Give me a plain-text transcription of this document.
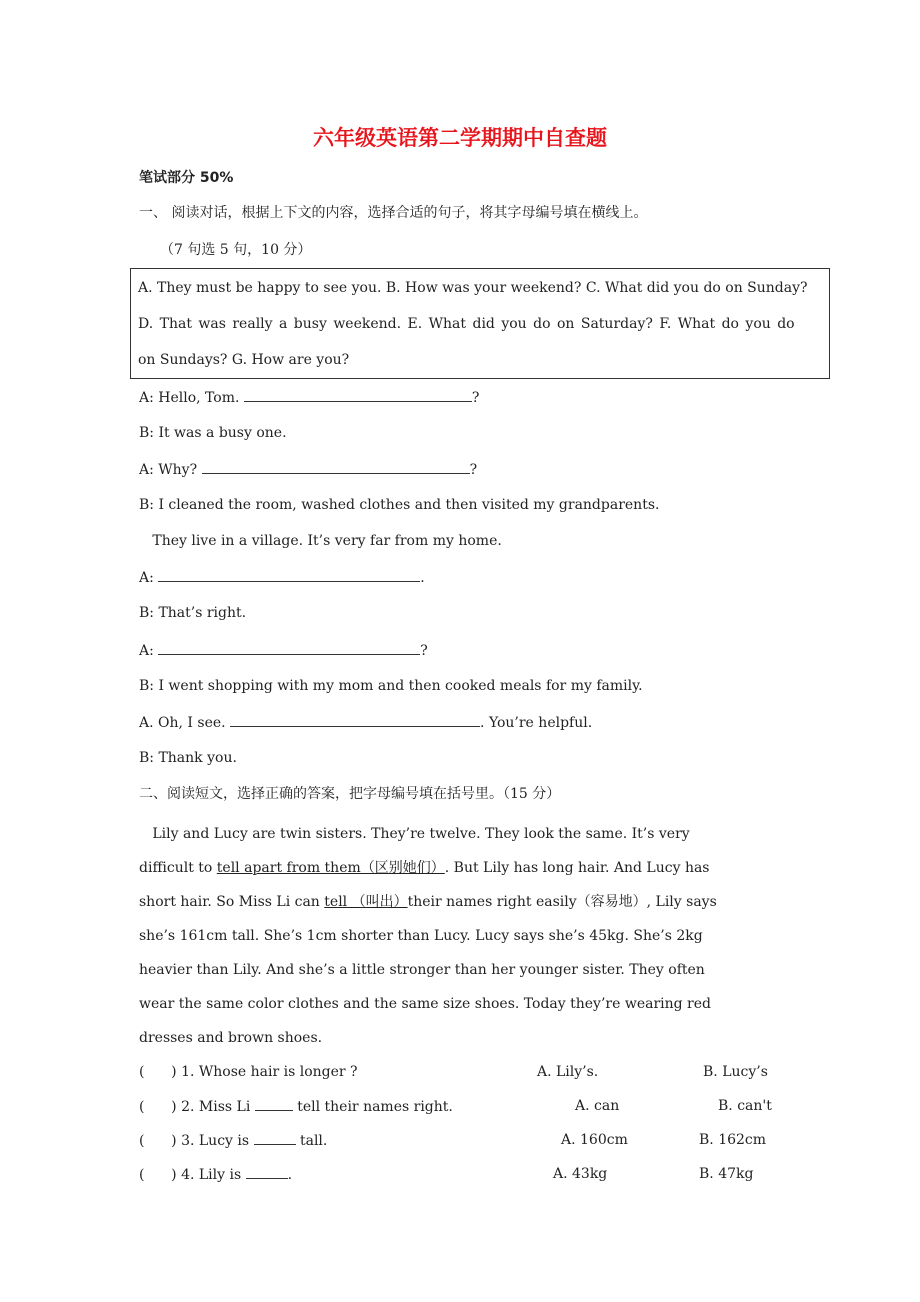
六年级英语第二学期期中自查题
笔试部分 50%
一、 阅读对话，根据上下文的内容，选择合适的句子，将其字母编号填在横线上。
（7 句选 5 句，10 分）
A. They must be happy to see you. B. How was your weekend? C. What did you do on Sunday?
D. That was really a busy weekend. E. What did you do on Saturday? F. What do you do
on Sundays? G. How are you?
A: Hello, Tom.	?
B: It was a busy one.
A: Why?	?
B: I cleaned the room, washed clothes and then visited my grandparents.
They live in a village. It’s very far from my home.
A:	.
B: That’s right.
A:	?
B: I went shopping with my mom and then cooked meals for my family.
A. Oh, I see.	. You’re helpful.
B: Thank you.
二、阅读短文，选择正确的答案，把字母编号填在括号里。（15 分）
Lily and Lucy are twin sisters. They’re twelve. They look the same. It’s very
difficult to tell apart from them（区别她们）. But Lily has long hair. And Lucy has
short hair. So Miss Li can tell （叫出）their names right easily（容易地）, Lily says
she’s 161cm tall. She’s 1cm shorter than Lucy. Lucy says she’s 45kg. She’s 2kg
heavier than Lily. And she’s a little stronger than her younger sister. They often
wear the same color clothes and the same size shoes. Today they’re wearing red
dresses and brown shoes.
(      ) 1. Whose hair is longer ?	A. Lily’s.	B. Lucy’s
(      ) 2. Miss Li	tell their names right.	A. can	B. can't
(      ) 3. Lucy is	tall.	A. 160cm	B. 162cm
(      ) 4. Lily is	.	A. 43kg	B. 47kg
